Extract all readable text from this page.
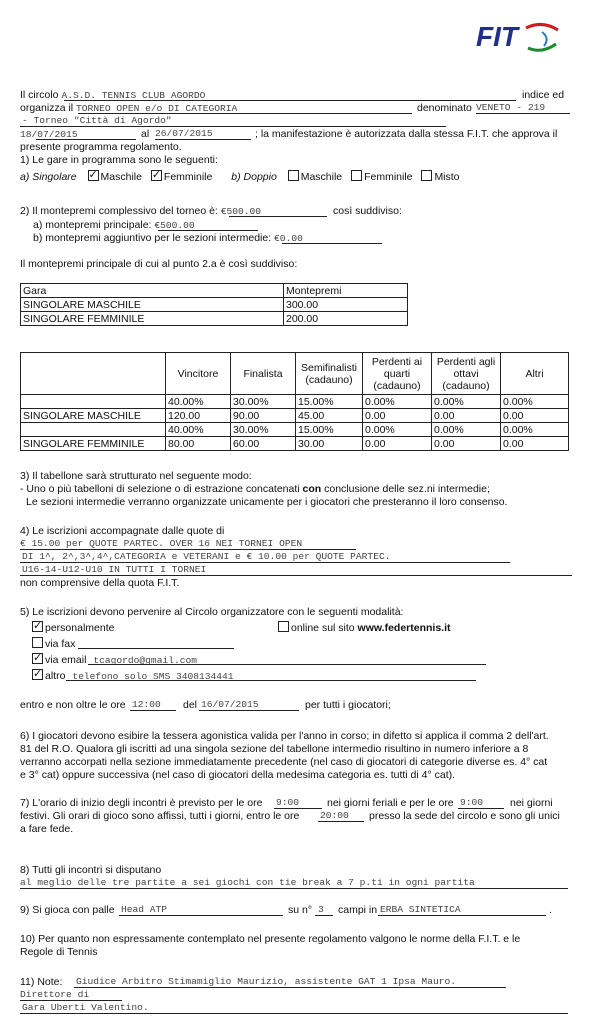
FIT
Il circolo A.S.D. TENNIS CLUB AGORDO	indice ed
organizza il TORNEO OPEN e/o DI CATEGORIA	denominato VENETO - 219
- Torneo "Città di Agordo"
18/07/2015	al 26/07/2015	; la manifestazione è autorizzata dalla stessa F.I.T. che approva il
presente programma regolamento.
1) Le gare in programma sono le seguenti:
a) Singolare ✓ Maschile ✓ Femminile b) Doppio Maschile Femminile Misto
2) Il montepremi complessivo del torneo è: €500.00	così suddiviso:
a) montepremi principale: €500.00
b) montepremi aggiuntivo per le sezioni intermedie: €0.00
Il montepremi principale di cui al punto 2.a è così suddiviso:
Gara	Montepremi
SINGOLARE MASCHILE	300.00
SINGOLARE FEMMINILE	200.00
	Vincitore	Finalista	Semifinalisti (cadauno)	Perdenti ai quarti (cadauno)	Perdenti agli ottavi (cadauno)	Altri
	40.00%	30.00%	15.00%	0.00%	0.00%	0.00%
SINGOLARE MASCHILE	120.00	90.00	45.00	0.00	0.00	0.00
	40.00%	30.00%	15.00%	0.00%	0.00%	0.00%
SINGOLARE FEMMINILE	80.00	60.00	30.00	0.00	0.00	0.00
3) Il tabellone sarà strutturato nel seguente modo:
- Uno o più tabelloni di selezione o di estrazione concatenati con conclusione delle sez.ni intermedie;
Le sezioni intermedie verranno organizzate unicamente per i giocatori che presteranno il loro consenso.
4) Le iscrizioni accompagnate dalle quote di
€ 15.00 per QUOTE PARTEC. OVER 16 NEI TORNEI OPEN
DI 1^, 2^,3^,4^,CATEGORIA e VETERANI e € 10.00 per QUOTE PARTEC.
U16-14-U12-U10 IN TUTTI I TORNEI
non comprensive della quota F.I.T.
5) Le iscrizioni devono pervenire al Circolo organizzatore con le seguenti modalità:
✓personalmente	online sul sito www.federtennis.it
via fax
✓via email tcagordo@gmail.com
✓altro telefono solo SMS 3408134441
entro e non oltre le ore 12:00 del 16/07/2015	per tutti i giocatori;
6) I giocatori devono esibire la tessera agonistica valida per l'anno in corso; in difetto si applica il comma 2 dell'art.
81 del R.O. Qualora gli iscritti ad una singola sezione del tabellone intermedio risultino in numero inferiore a 8
verranno accorpati nella sezione immediatamente precedente (nel caso di giocatori di categorie diverse es. 4° cat
e 3° cat) oppure successiva (nel caso di giocatori della medesima categoria es. tutti di 4° cat).
7) L'orario di inizio degli incontri è previsto per le ore 9:00	nei giorni feriali e per le ore 9:00	nei giorni
festivi. Gli orari di gioco sono affissi, tutti i giorni, entro le ore 20:00 presso la sede del circolo e sono gli unici
a fare fede.
8) Tutti gli incontri si disputano
al meglio delle tre partite a sei giochi con tie break a 7 p.ti in ogni partita
9) Si gioca con palle Head ATP	su n° 3 campi in ERBA SINTETICA	.
10) Per quanto non espressamente contemplato nel presente regolamento valgono le norme della F.I.T. e le
Regole di Tennis
11) Note: Giudice Arbitro Stimamiglio Maurizio, assistente GAT 1 Ipsa Mauro.
Direttore di
Gara Uberti Valentino.
